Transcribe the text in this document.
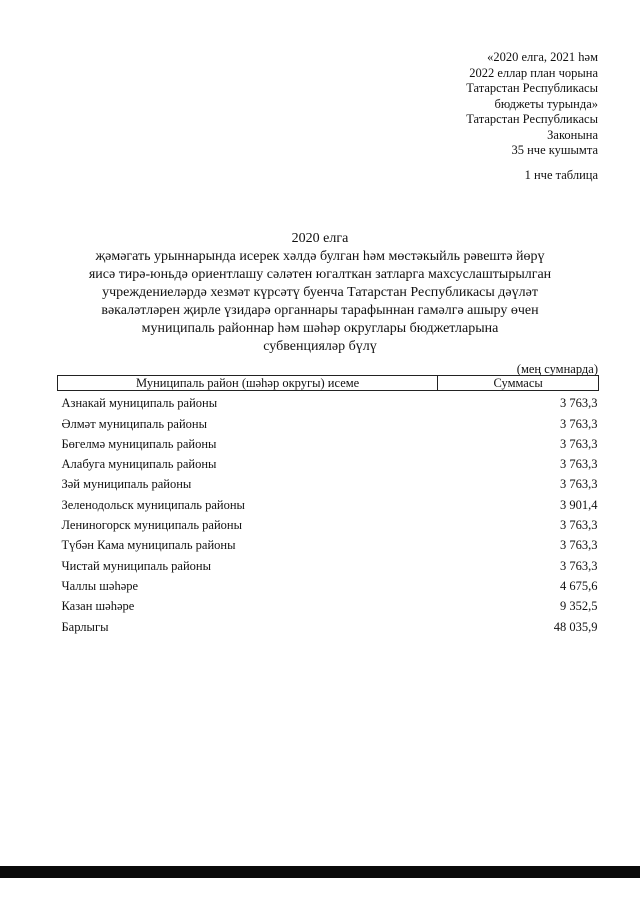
«2020 елга, 2021 һәм
2022 еллар план чорына
Татарстан Республикасы
бюджеты турында»
Татарстан Республикасы
Законына
35 нче кушымта
1 нче таблица
2020 елга
җәмәгать урыннарында исерек хәлдә булган һәм мөстәкыйль рәвештә йөрү
яисә тирә-юньдә ориентлашу сәләтен югалткан затларга махсуслаштырылган
учреждениеләрдә хезмәт күрсәтү буенча Татарстан Республикасы дәүләт
вәкаләтләрен җирле үзидарә органнары тарафыннан гамәлгә ашыру өчен
муниципаль районнар һәм шәһәр округлары бюджетларына
субвенцияләр бүлү
(мең сумнарда)
Муниципаль район (шәһәр округы) исеме	Суммасы
Азнакай муниципаль районы	3 763,3
Әлмәт муниципаль районы	3 763,3
Бөгелмә муниципаль районы	3 763,3
Алабуга муниципаль районы	3 763,3
Зәй муниципаль районы	3 763,3
Зеленодольск муниципаль районы	3 901,4
Лениногорск муниципаль районы	3 763,3
Түбән Кама муниципаль районы	3 763,3
Чистай муниципаль районы	3 763,3
Чаллы шәһәре	4 675,6
Казан шәһәре	9 352,5
Барлыгы	48 035,9
